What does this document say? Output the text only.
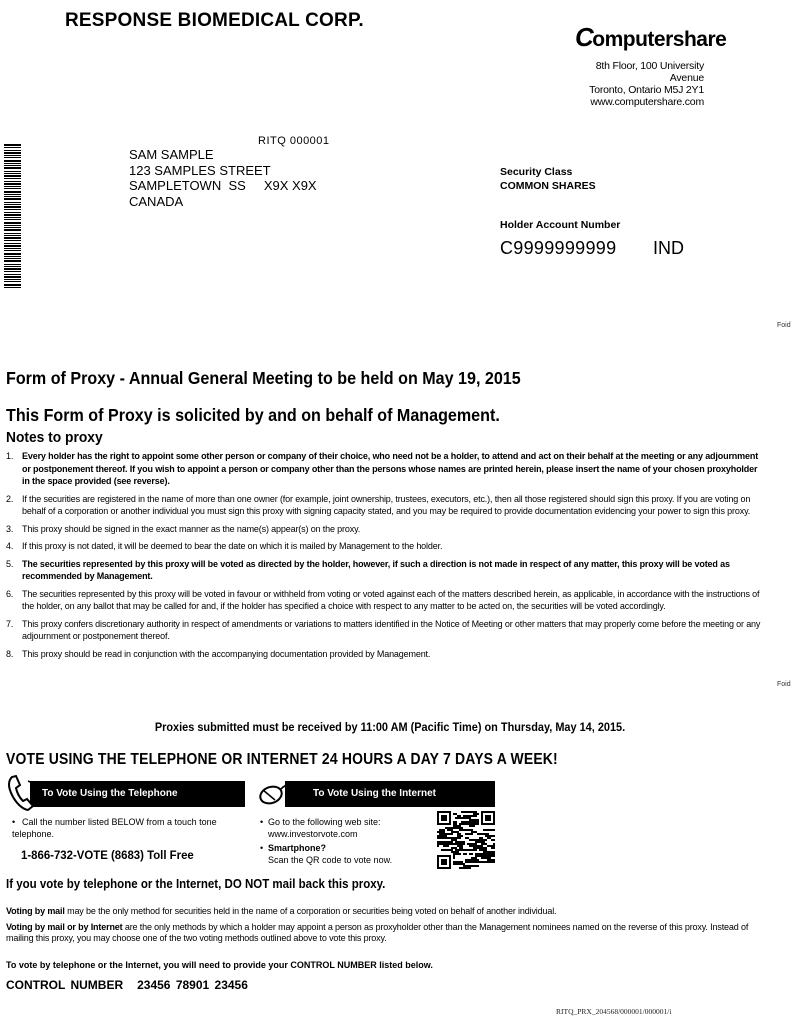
RESPONSE BIOMEDICAL CORP.
C omputershare
8th Floor, 100 University Avenue
Toronto, Ontario M5J 2Y1
www.computershare.com
RITQ 000001
SAM SAMPLE
123 SAMPLES STREET
SAMPLETOWN  SS     X9X X9X
CANADA
Security Class
COMMON SHARES
Holder Account Number
C9999999999 IND
Foid
Foid
Form of Proxy - Annual General Meeting to be held on May 19, 2015
This Form of Proxy is solicited by and on behalf of Management.
Notes to proxy
1. Every holder has the right to appoint some other person or company of their choice, who need not be a holder, to attend and act on their behalf at the meeting or any adjournment or postponement thereof. If you wish to appoint a person or company other than the persons whose names are printed herein, please insert the name of your chosen proxyholder in the space provided (see reverse).
2. If the securities are registered in the name of more than one owner (for example, joint ownership, trustees, executors, etc.), then all those registered should sign this proxy. If you are voting on behalf of a corporation or another individual you must sign this proxy with signing capacity stated, and you may be required to provide documentation evidencing your power to sign this proxy.
3. This proxy should be signed in the exact manner as the name(s) appear(s) on the proxy.
4. If this proxy is not dated, it will be deemed to bear the date on which it is mailed by Management to the holder.
5. The securities represented by this proxy will be voted as directed by the holder, however, if such a direction is not made in respect of any matter, this proxy will be voted as recommended by Management.
6. The securities represented by this proxy will be voted in favour or withheld from voting or voted against each of the matters described herein, as applicable, in accordance with the instructions of the holder, on any ballot that may be called for and, if the holder has specified a choice with respect to any matter to be acted on, the securities will be voted accordingly.
7. This proxy confers discretionary authority in respect of amendments or variations to matters identified in the Notice of Meeting or other matters that may properly come before the meeting or any adjournment or postponement thereof.
8. This proxy should be read in conjunction with the accompanying documentation provided by Management.
Proxies submitted must be received by 11:00 AM (Pacific Time) on Thursday, May 14, 2015.
VOTE USING THE TELEPHONE OR INTERNET 24 HOURS A DAY 7 DAYS A WEEK!
To Vote Using the Telephone
• Call the number listed BELOW from a touch tone telephone.
1-866-732-VOTE (8683) Toll Free
To Vote Using the Internet
• Go to the following web site:
www.investorvote.com
• Smartphone?
Scan the QR code to vote now.
If you vote by telephone or the Internet, DO NOT mail back this proxy.

Voting by mail may be the only method for securities held in the name of a corporation or securities being voted on behalf of another individual.

Voting by mail or by Internet are the only methods by which a holder may appoint a person as proxyholder other than the Management nominees named on the reverse of this proxy. Instead of mailing this proxy, you may choose one of the two voting methods outlined above to vote this proxy.

To vote by telephone or the Internet, you will need to provide your CONTROL NUMBER listed below.
CONTROL NUMBER 23456 78901 23456
RITQ_PRX_204568/000001/000001/i
